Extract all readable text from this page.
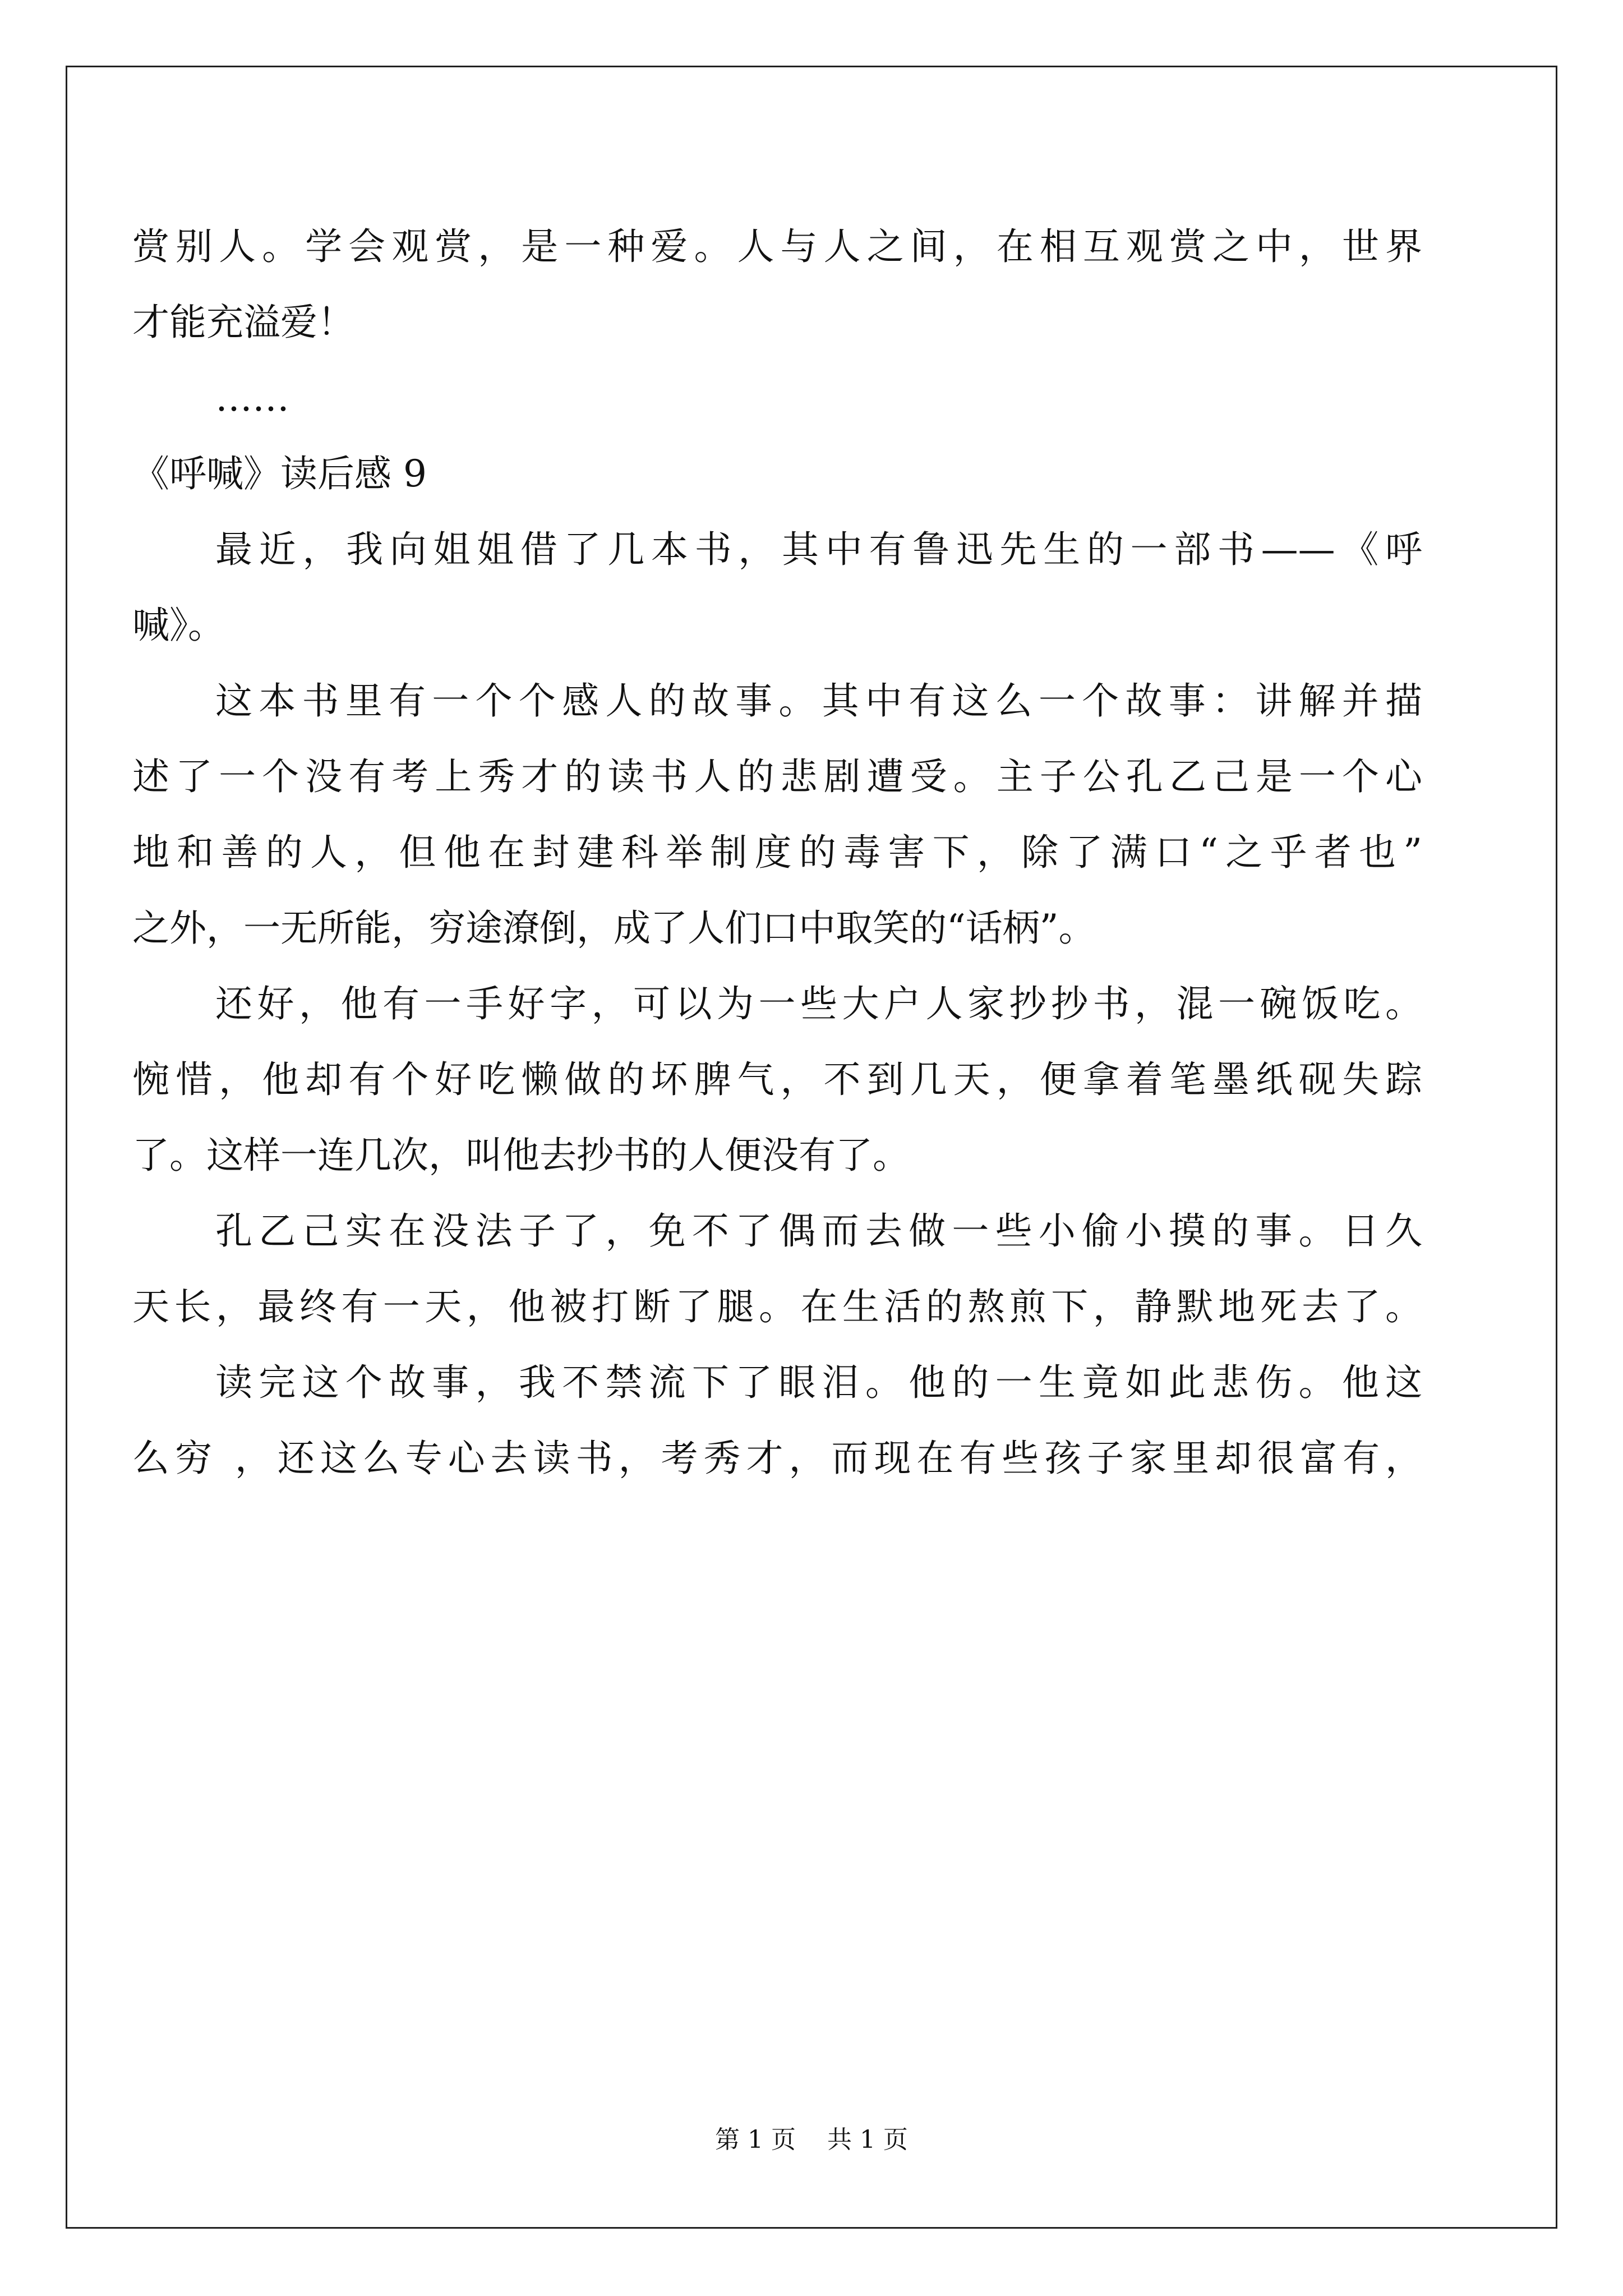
赏别人。学会观赏，是一种爱。人与人之间，在相互观赏之中，世界
才能充溢爱！
……
《呼喊》读后感 9
最近，我向姐姐借了几本书，其中有鲁迅先生的一部书——《呼
喊》。
这本书里有一个个感人的故事。其中有这么一个故事：讲解并描
述了一个没有考上秀才的读书人的悲剧遭受。主子公孔乙己是一个心
地和善的人，但他在封建科举制度的毒害下，除了满口“之乎者也”
之外，一无所能，穷途潦倒，成了人们口中取笑的“话柄”。
还好，他有一手好字，可以为一些大户人家抄抄书，混一碗饭吃。
惋惜，他却有个好吃懒做的坏脾气，不到几天，便拿着笔墨纸砚失踪
了。这样一连几次，叫他去抄书的人便没有了。
孔乙己实在没法子了，免不了偶而去做一些小偷小摸的事。日久
天长，最终有一天，他被打断了腿。在生活的熬煎下，静默地死去了。
读完这个故事，我不禁流下了眼泪。他的一生竟如此悲伤。他这
么穷 ，还这么专心去读书，考秀才，而现在有些孩子家里却很富有，
第 1 页    共 1 页
